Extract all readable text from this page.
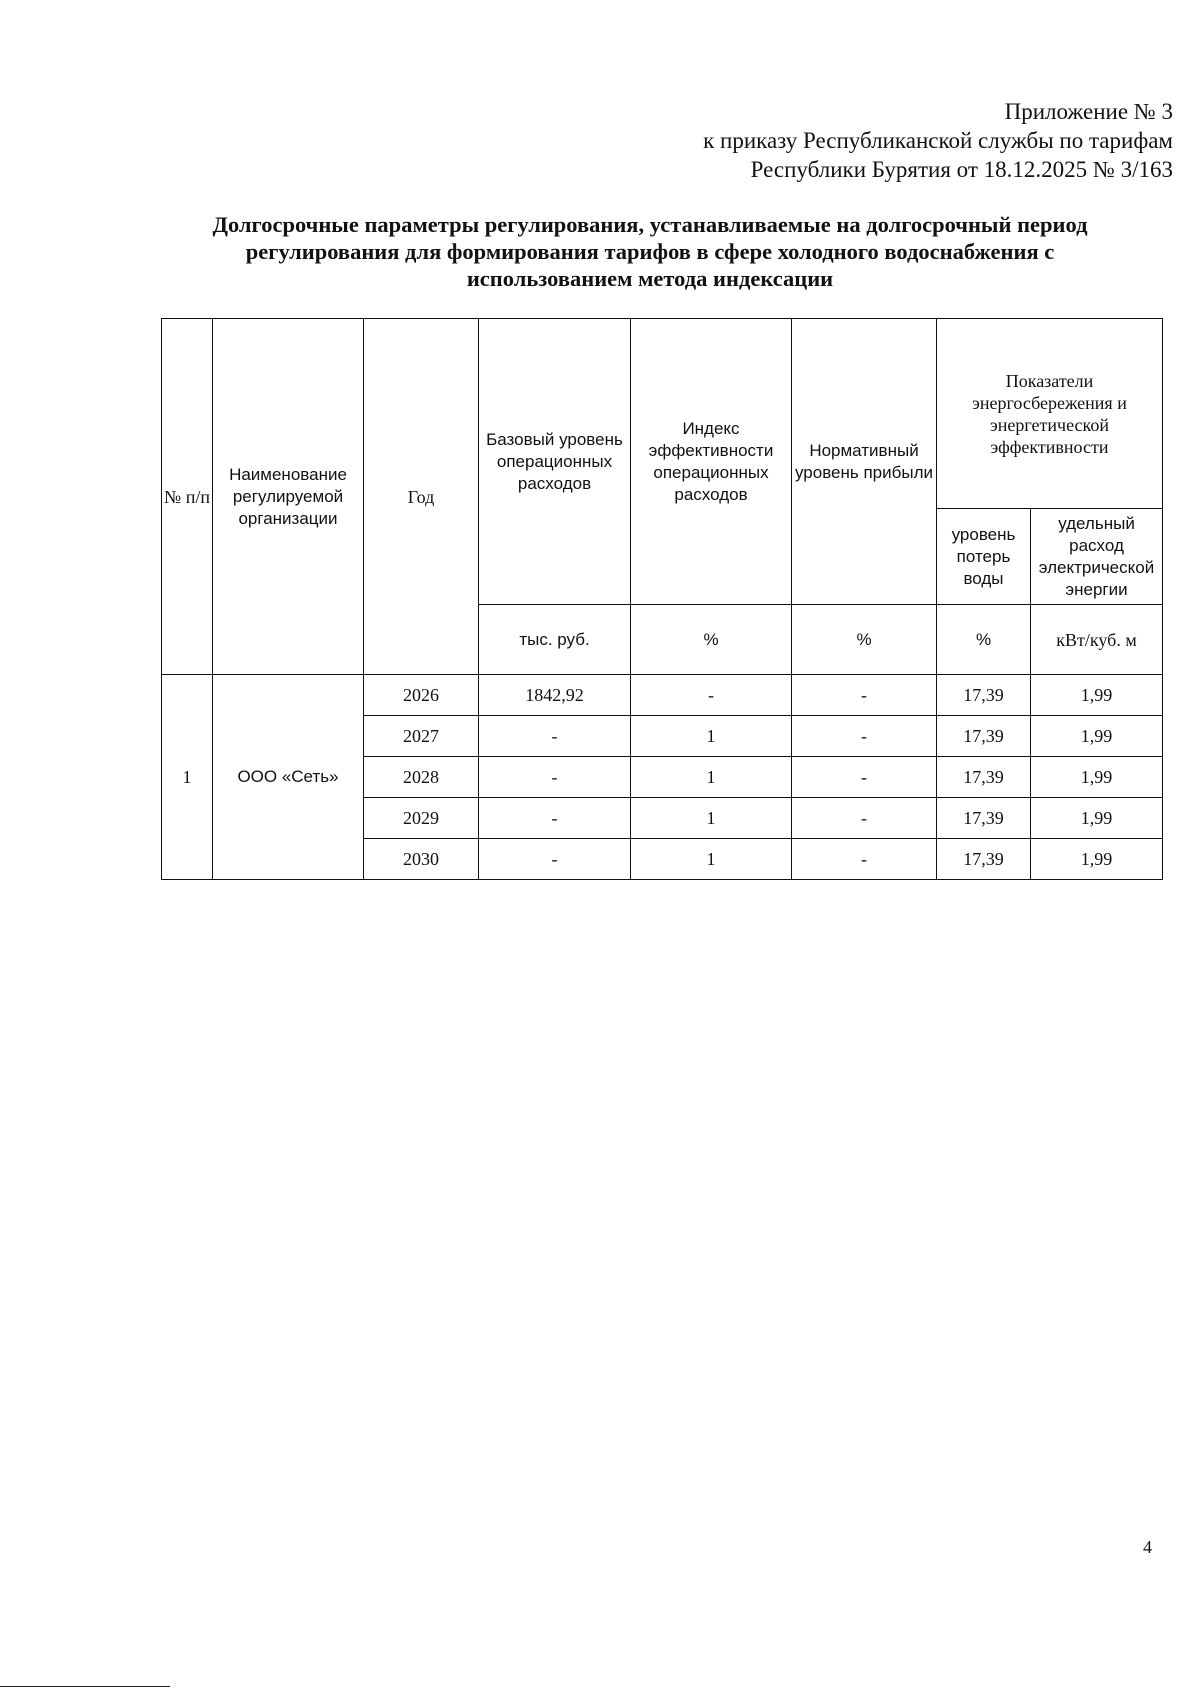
Приложение № 3
к приказу Республиканской службы по тарифам
Республики Бурятия от 18.12.2025 № 3/163
Долгосрочные параметры регулирования, устанавливаемые на долгосрочный период
регулирования для формирования тарифов в сфере холодного водоснабжения с
использованием метода индексации
№ п/п	Наименование регулируемой организации	Год	Базовый уровень операционных расходов	Индекс эффективности операционных расходов	Нормативный уровень прибыли	Показатели энергосбережения и энергетической эффективности	
						уровень потерь воды	удельный расход электрической энергии
			тыс. руб.	%	%	%	кВт/куб. м
1	ООО «Сеть»	2026	1842,92	-	-	17,39	1,99
		2027	-	1	-	17,39	1,99
		2028	-	1	-	17,39	1,99
		2029	-	1	-	17,39	1,99
		2030	-	1	-	17,39	1,99
4
